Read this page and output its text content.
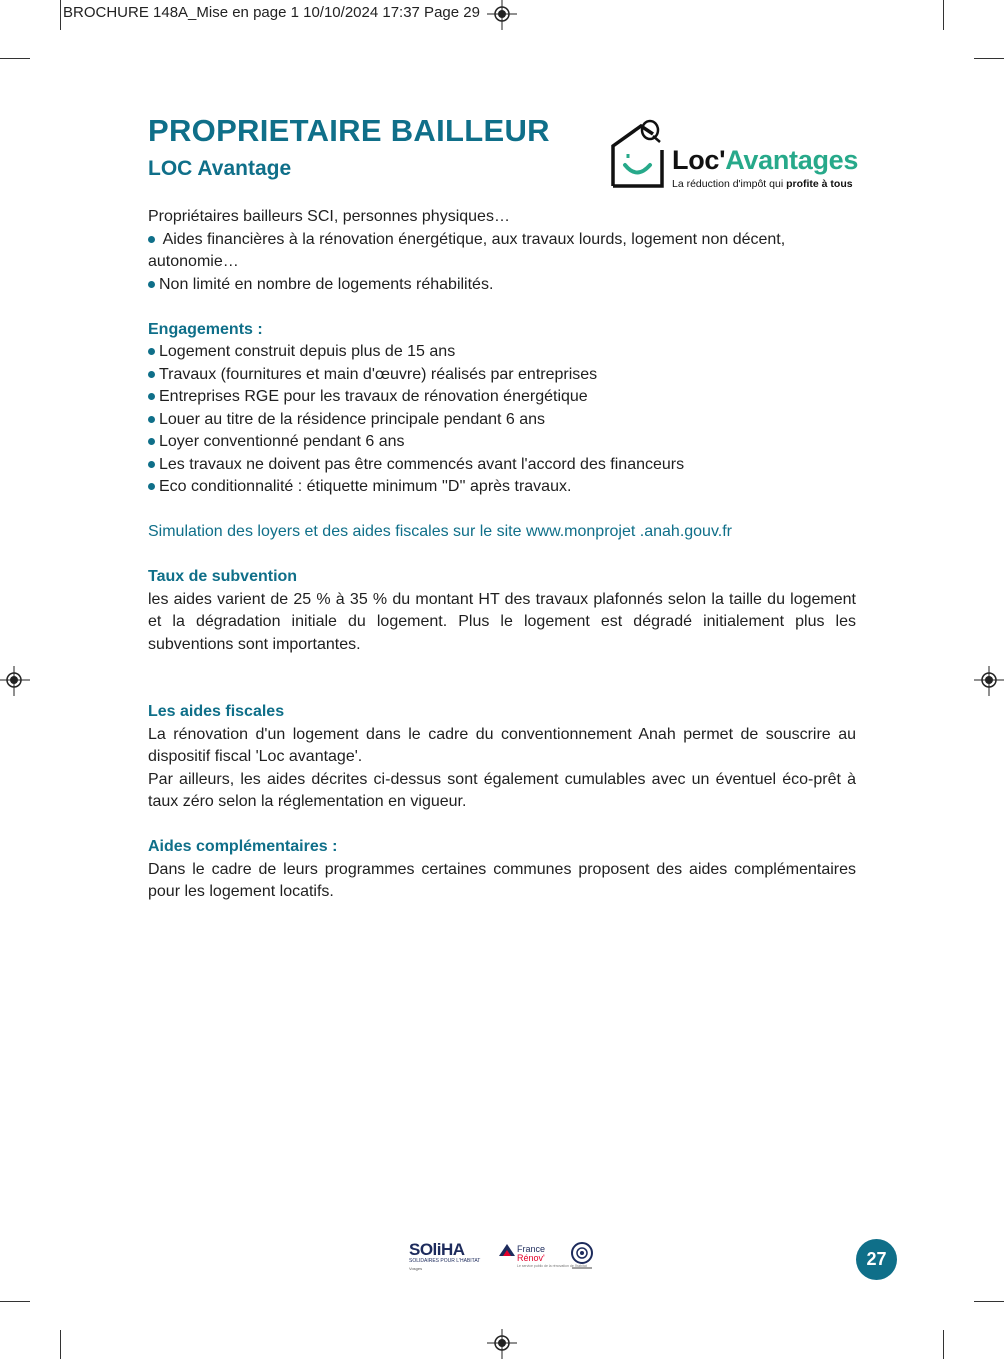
BROCHURE 148A_Mise en page 1 10/10/2024 17:37 Page 29
PROPRIETAIRE BAILLEUR
LOC Avantage	Loc'Avantages
La réduction d'impôt qui profite à tous

Propriétaires bailleurs SCI, personnes physiques…

Aides financières à la rénovation énergétique, aux travaux lourds, logement non décent, autonomie…

Non limité en nombre de logements réhabilités.

Engagements :

Logement construit depuis plus de 15 ans

Travaux (fournitures et main d'œuvre) réalisés par entreprises

Entreprises RGE pour les travaux de rénovation énergétique

Louer au titre de la résidence principale pendant 6 ans

Loyer conventionné pendant 6 ans

Les travaux ne doivent pas être commencés avant l'accord des financeurs

Eco conditionnalité : étiquette minimum ''D'' après travaux.

Simulation des loyers et des aides fiscales sur le site www.monprojet .anah.gouv.fr

Taux de subvention

les aides varient de 25 % à 35 % du montant HT des travaux plafonnés selon la taille du logement et la dégradation initiale du logement. Plus le logement est dégradé initialement plus les subventions sont importantes.

Les aides fiscales

La rénovation d'un logement dans le cadre du conventionnement Anah permet de souscrire au dispositif fiscal 'Loc avantage'.

Par ailleurs, les aides décrites ci-dessus sont également cumulables avec un éventuel éco-prêt à taux zéro selon la réglementation en vigueur.

Aides complémentaires :

Dans le cadre de leurs programmes certaines communes proposent des aides complémentaires pour les logement locatifs.

SOliHA
SOLIDAIRES POUR L'HABITAT
Vosges
France
Rénov'
Le service public de la rénovation de l'habitat	27
